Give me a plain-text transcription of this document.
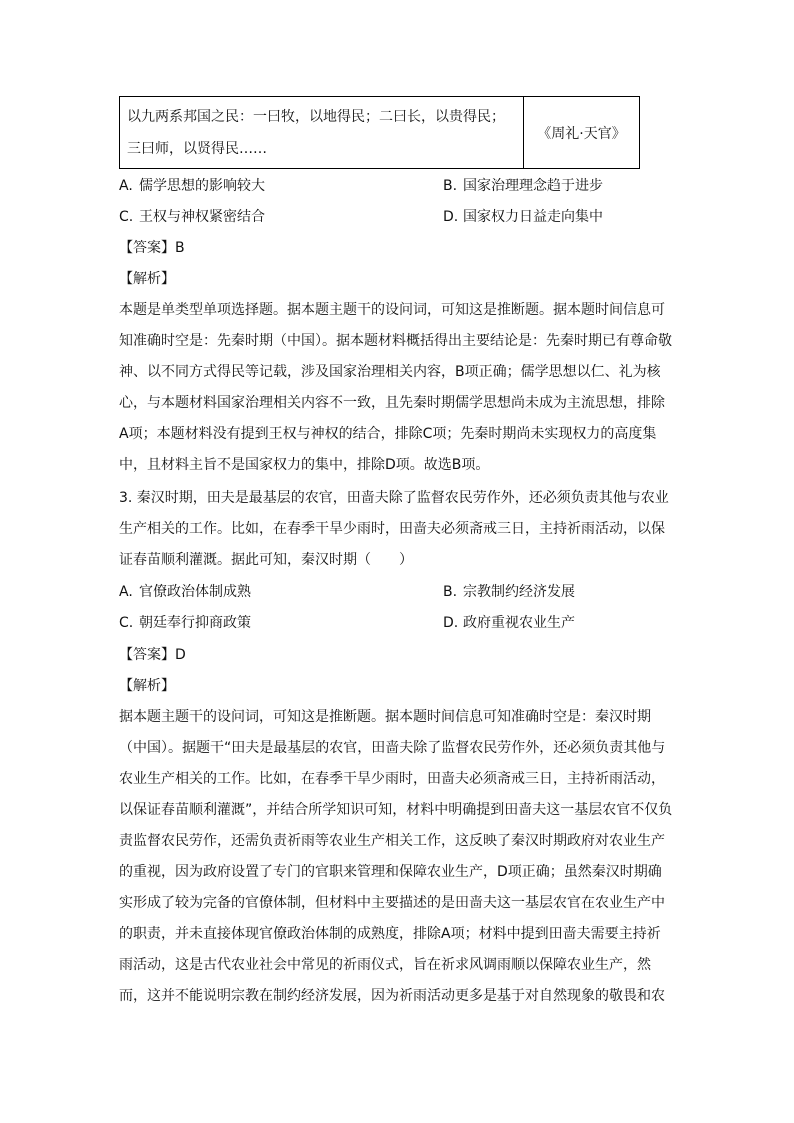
以九两系邦国之民：一曰牧，以地得民；二曰长，以贵得民；三曰师，以贤得民……	《周礼·天官》
A. 儒学思想的影响较大	B. 国家治理理念趋于进步
C. 王权与神权紧密结合	D. 国家权力日益走向集中
【答案】B
【解析】
本题是单类型单项选择题。据本题主题干的设问词，可知这是推断题。据本题时间信息可
知准确时空是：先秦时期（中国）。据本题材料概括得出主要结论是：先秦时期已有尊命敬
神、以不同方式得民等记载，涉及国家治理相关内容，B项正确；儒学思想以仁、礼为核
心，与本题材料国家治理相关内容不一致，且先秦时期儒学思想尚未成为主流思想，排除
A项；本题材料没有提到王权与神权的结合，排除C项；先秦时期尚未实现权力的高度集
中，且材料主旨不是国家权力的集中，排除D项。故选B项。
3. 秦汉时期，田夫是最基层的农官，田啬夫除了监督农民劳作外，还必须负责其他与农业
生产相关的工作。比如，在春季干旱少雨时，田啬夫必须斋戒三日，主持祈雨活动，以保
证春苗顺利灌溉。据此可知，秦汉时期（　　）
A. 官僚政治体制成熟	B. 宗教制约经济发展
C. 朝廷奉行抑商政策	D. 政府重视农业生产
【答案】D
【解析】
据本题主题干的设问词，可知这是推断题。据本题时间信息可知准确时空是：秦汉时期
（中国）。据题干“田夫是最基层的农官，田啬夫除了监督农民劳作外，还必须负责其他与
农业生产相关的工作。比如，在春季干旱少雨时，田啬夫必须斋戒三日，主持祈雨活动，
以保证春苗顺利灌溉”，并结合所学知识可知，材料中明确提到田啬夫这一基层农官不仅负
责监督农民劳作，还需负责祈雨等农业生产相关工作，这反映了秦汉时期政府对农业生产
的重视，因为政府设置了专门的官职来管理和保障农业生产，D项正确；虽然秦汉时期确
实形成了较为完备的官僚体制，但材料中主要描述的是田啬夫这一基层农官在农业生产中
的职责，并未直接体现官僚政治体制的成熟度，排除A项；材料中提到田啬夫需要主持祈
雨活动，这是古代农业社会中常见的祈雨仪式，旨在祈求风调雨顺以保障农业生产，然
而，这并不能说明宗教在制约经济发展，因为祈雨活动更多是基于对自然现象的敬畏和农
